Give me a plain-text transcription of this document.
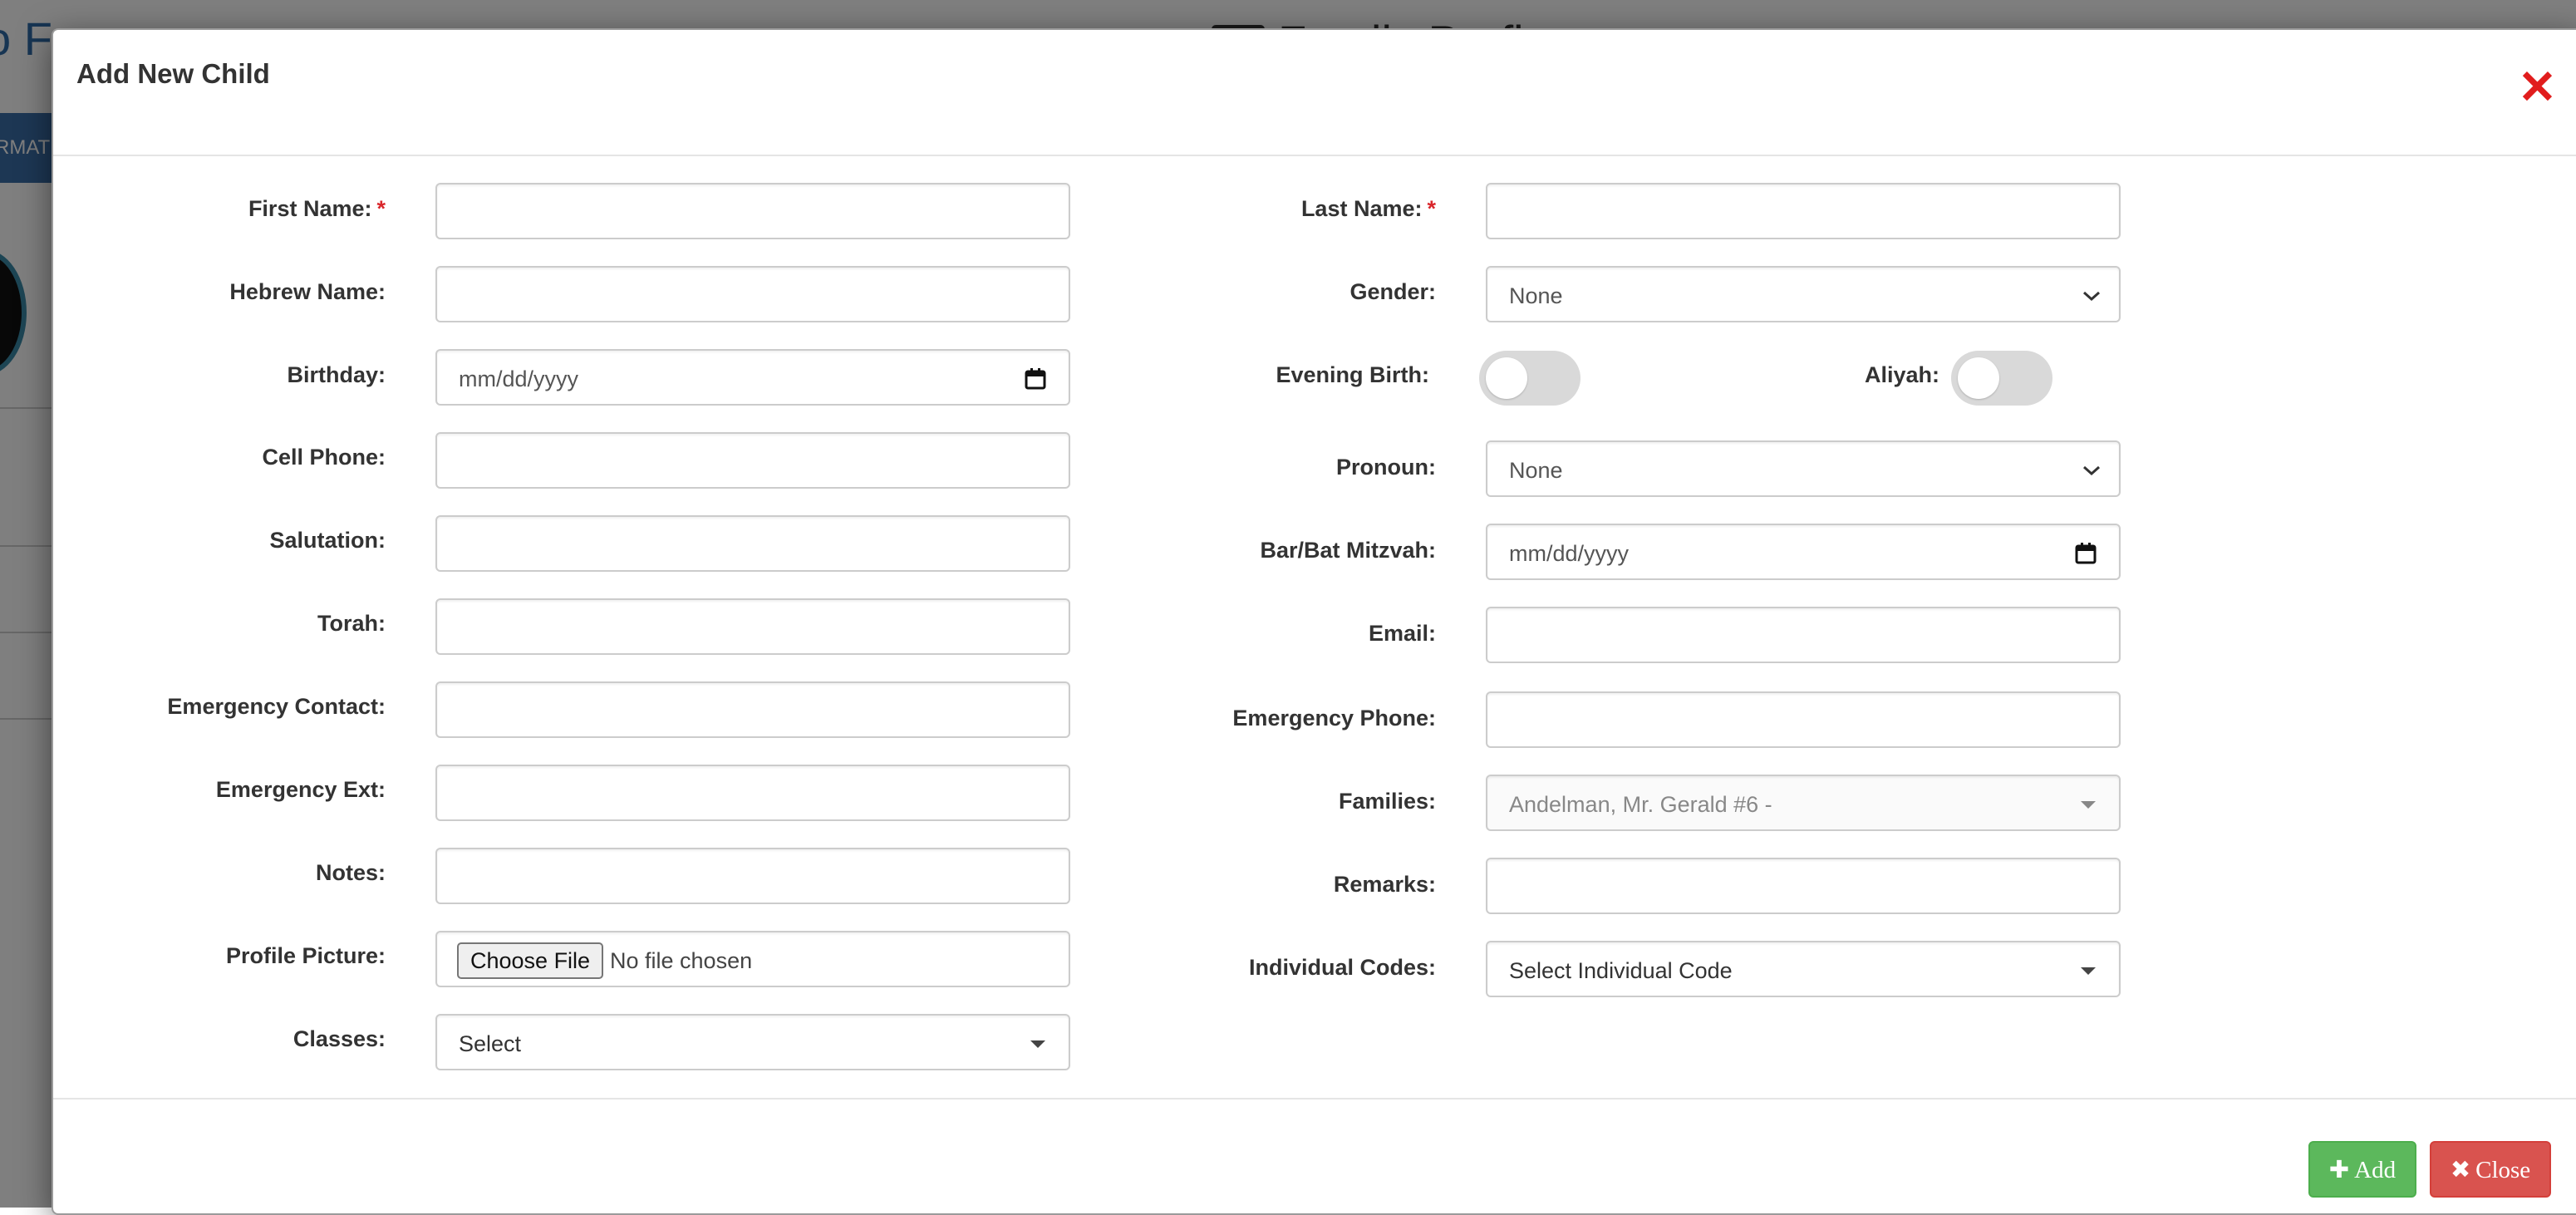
Add New Child	✕
First Name: *
Hebrew Name:
Birthday:	mm/dd/yyyy
Cell Phone:
Salutation:
Torah:
Emergency Contact:
Emergency Ext:
Notes:
Profile Picture:	Choose File No file chosen
Classes:	Select
Last Name: *
Gender:	None
Evening Birth:	Aliyah:
Pronoun:	None
Bar/Bat Mitzvah:	mm/dd/yyyy
Email:
Emergency Phone:
Families:	Andelman, Mr. Gerald #6 -
Remarks:
Individual Codes:	Select Individual Code
✚ Add	✖ Close
